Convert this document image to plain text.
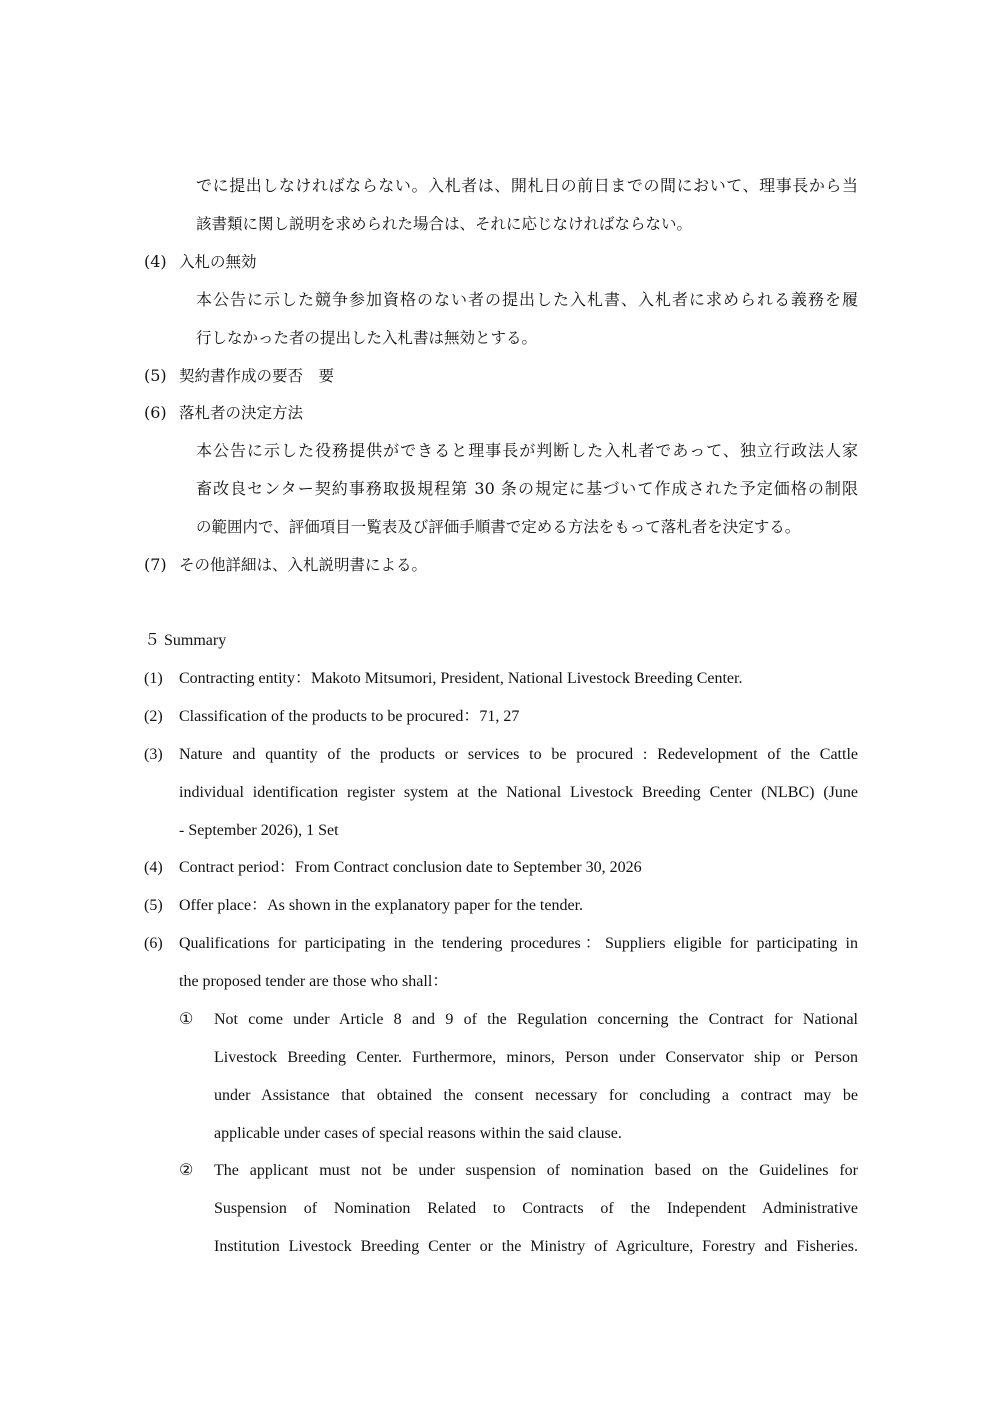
でに提出しなければならない。入札者は、開札日の前日までの間において、理事長から当
該書類に関し説明を求められた場合は、それに応じなければならない。
(4) 入札の無効
本公告に示した競争参加資格のない者の提出した入札書、入札者に求められる義務を履
行しなかった者の提出した入札書は無効とする。
(5) 契約書作成の要否　要
(6) 落札者の決定方法
本公告に示した役務提供ができると理事長が判断した入札者であって、独立行政法人家
畜改良センター契約事務取扱規程第 30 条の規定に基づいて作成された予定価格の制限
の範囲内で、評価項目一覧表及び評価手順書で定める方法をもって落札者を決定する。
(7) その他詳細は、入札説明書による。
５ Summary
(1) Contracting entity：Makoto Mitsumori, President, National Livestock Breeding Center.
(2) Classification of the products to be procured：71, 27
(3) Nature and quantity of the products or services to be procured : Redevelopment of the Cattle
individual identification register system at the National Livestock Breeding Center (NLBC) (June
- September 2026), 1 Set
(4) Contract period：From Contract conclusion date to September 30, 2026
(5) Offer place：As shown in the explanatory paper for the tender.
(6) Qualifications for participating in the tendering procedures：Suppliers eligible for participating in
the proposed tender are those who shall：
① Not come under Article 8 and 9 of the Regulation concerning the Contract for National
Livestock Breeding Center. Furthermore, minors, Person under Conservator ship or Person
under Assistance that obtained the consent necessary for concluding a contract may be
applicable under cases of special reasons within the said clause.
② The applicant must not be under suspension of nomination based on the Guidelines for
Suspension of Nomination Related to Contracts of the Independent Administrative
Institution Livestock Breeding Center or the Ministry of Agriculture, Forestry and Fisheries.
